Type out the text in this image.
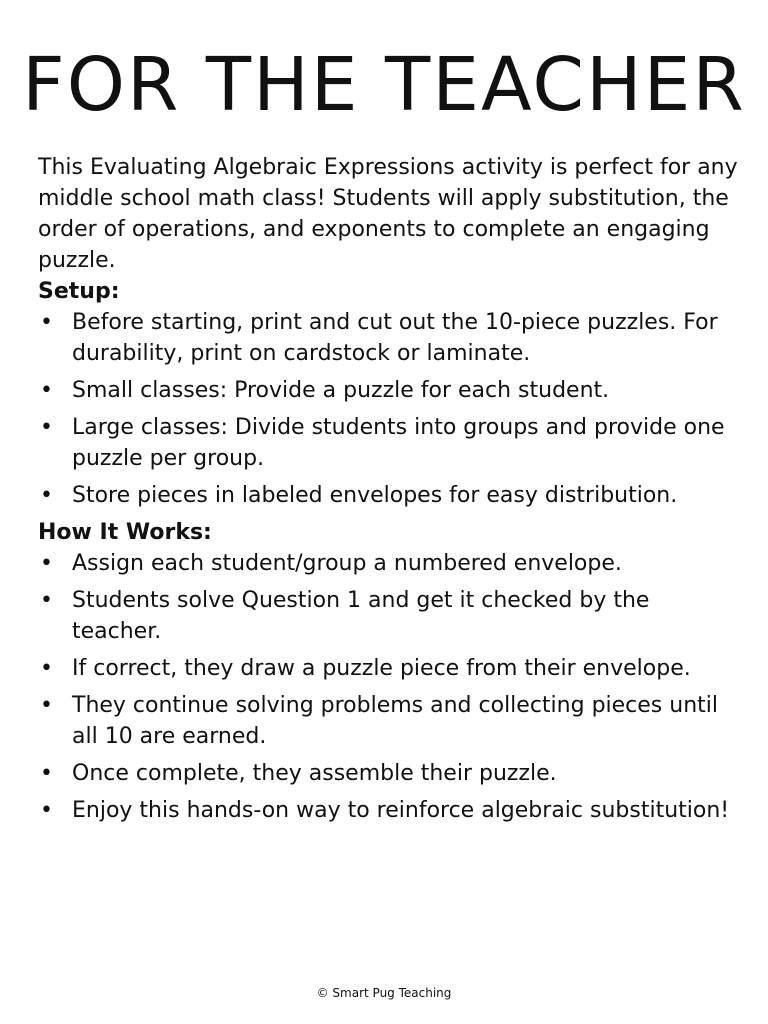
FOR THE TEACHER

This Evaluating Algebraic Expressions activity is perfect for any middle school math class! Students will apply substitution, the order of operations, and exponents to complete an engaging puzzle.

Setup:
• Before starting, print and cut out the 10-piece puzzles. For durability, print on cardstock or laminate.
• Small classes: Provide a puzzle for each student.
• Large classes: Divide students into groups and provide one puzzle per group.
• Store pieces in labeled envelopes for easy distribution.
How It Works:
• Assign each student/group a numbered envelope.
• Students solve Question 1 and get it checked by the teacher.
• If correct, they draw a puzzle piece from their envelope.
• They continue solving problems and collecting pieces until all 10 are earned.
• Once complete, they assemble their puzzle.
• Enjoy this hands-on way to reinforce algebraic substitution!
© Smart Pug Teaching
